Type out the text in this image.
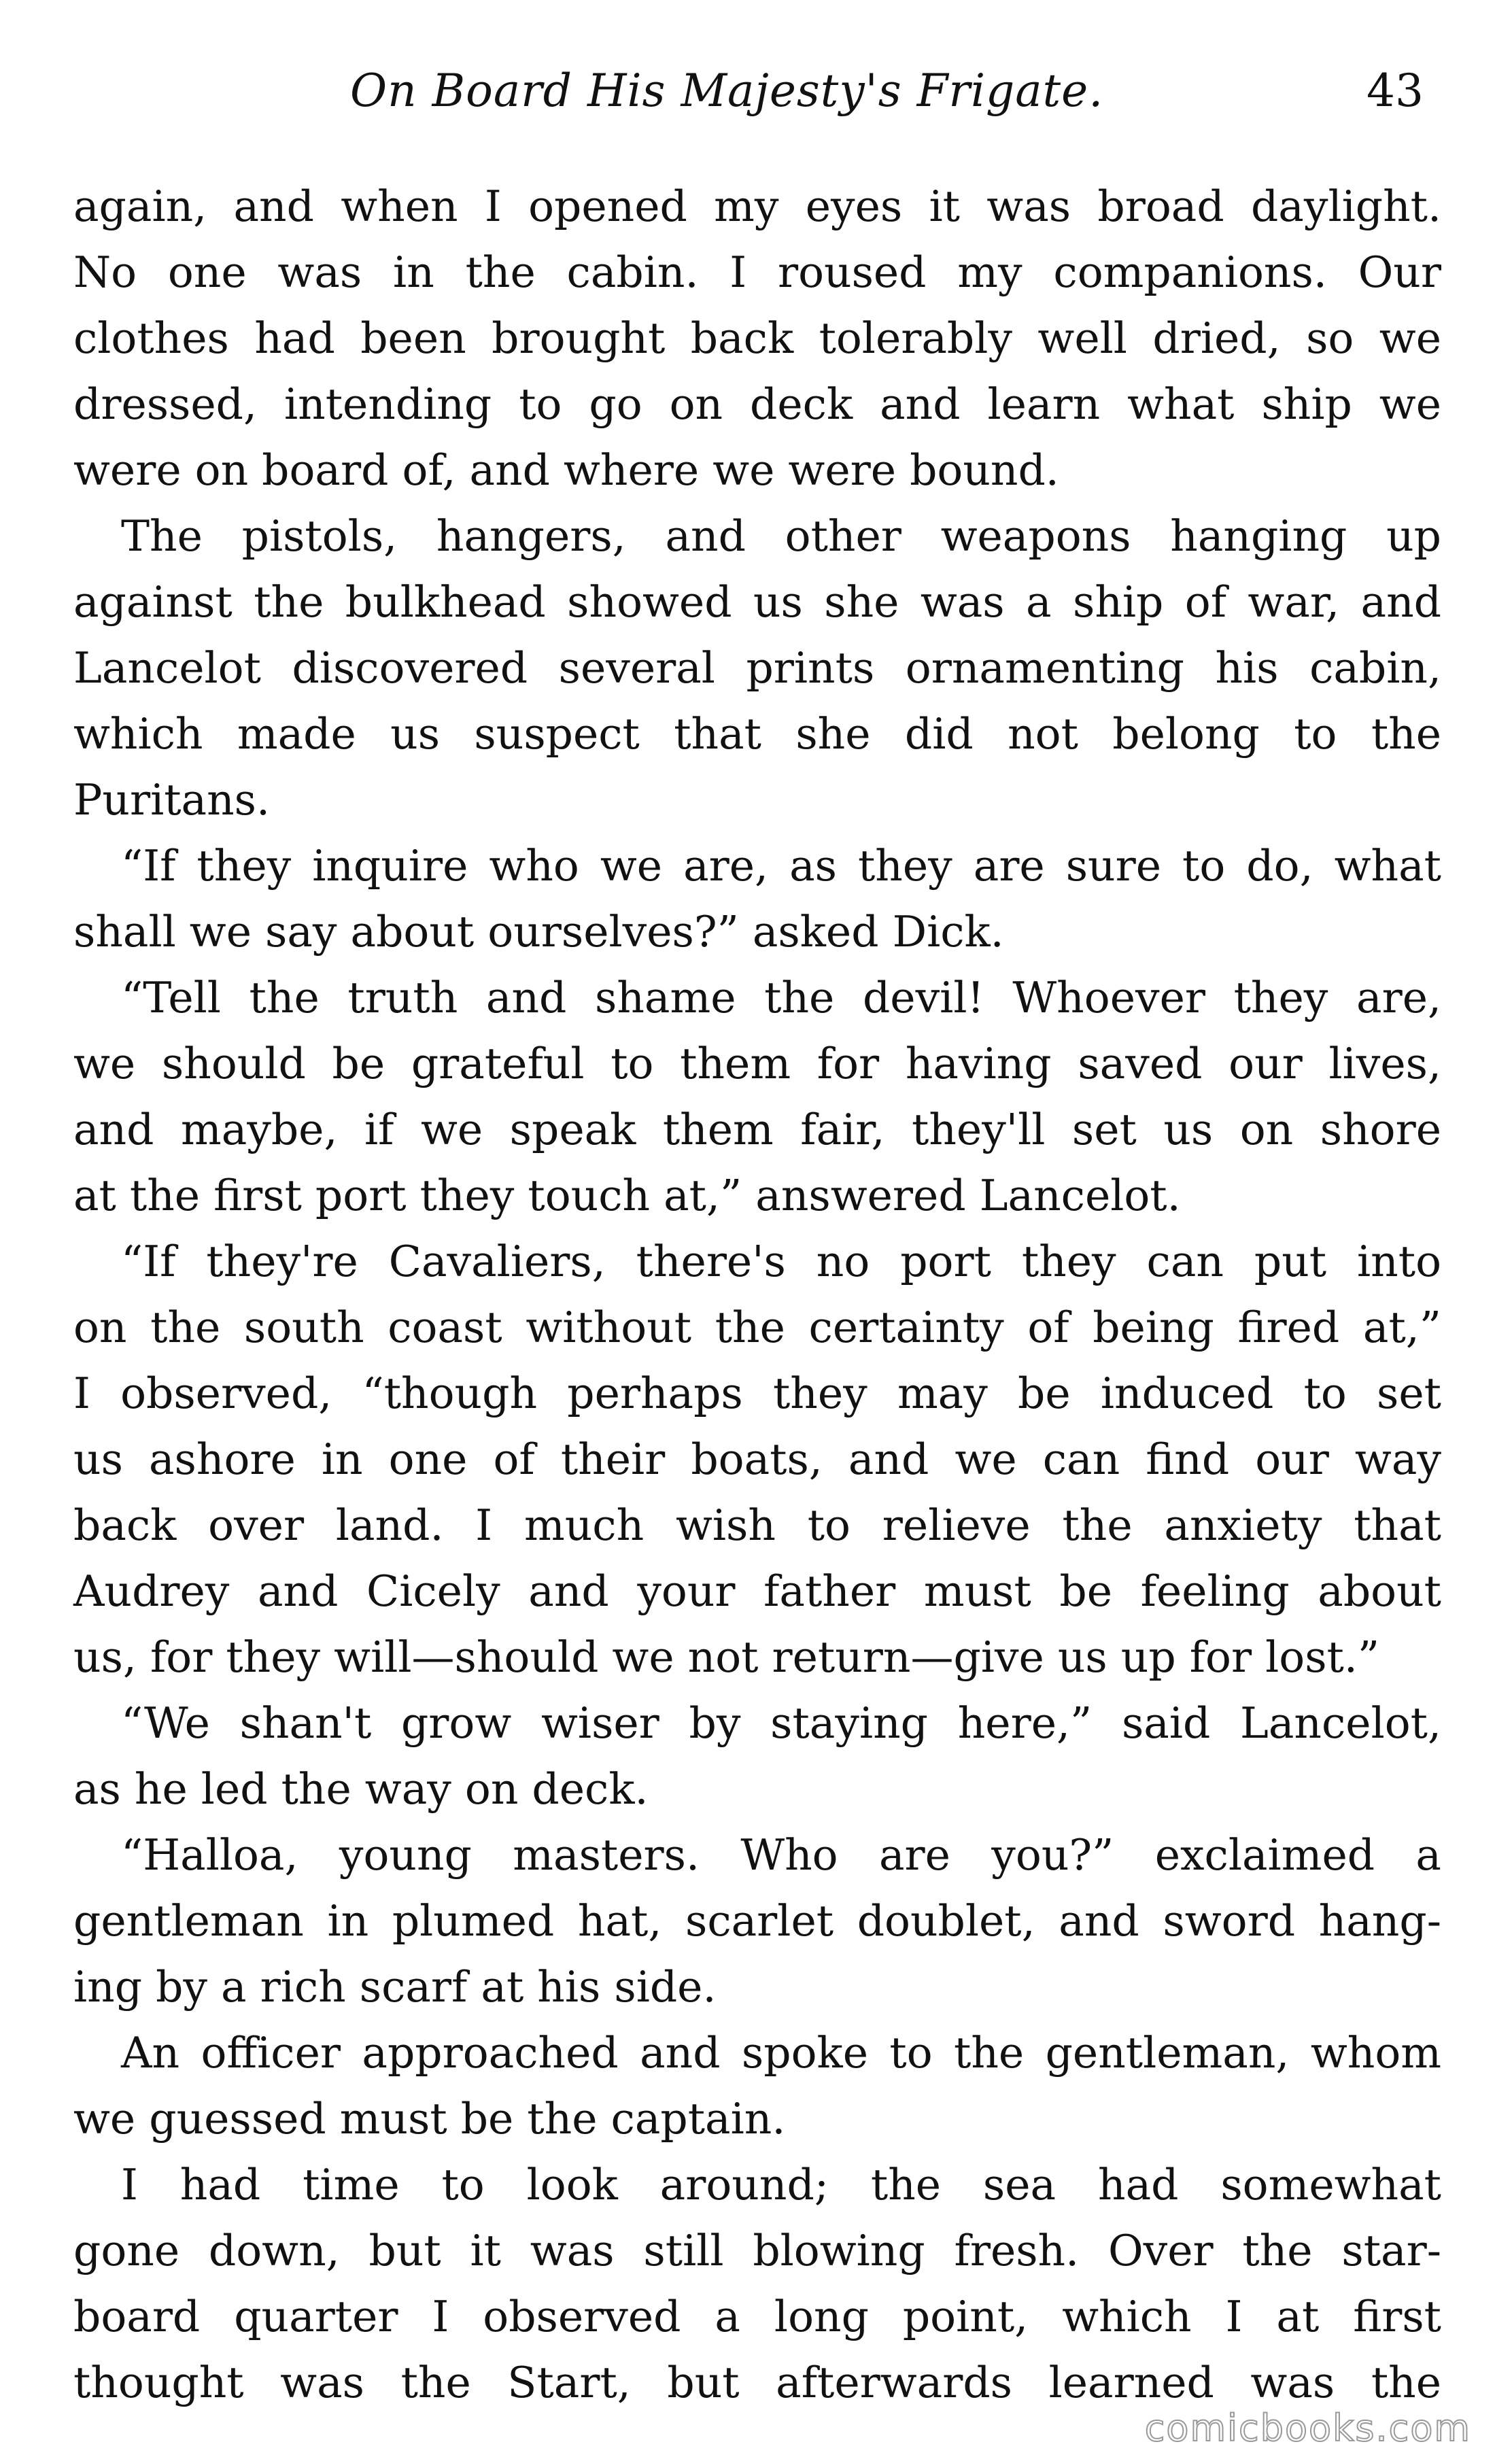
On Board His Majesty's Frigate.	43

again, and when I opened my eyes it was broad daylight.
No one was in the cabin. I roused my companions. Our
clothes had been brought back tolerably well dried, so we
dressed, intending to go on deck and learn what ship we
were on board of, and where we were bound.

The pistols, hangers, and other weapons hanging up
against the bulkhead showed us she was a ship of war, and
Lancelot discovered several prints ornamenting his cabin,
which made us suspect that she did not belong to the
Puritans.

“If they inquire who we are, as they are sure to do, what
shall we say about ourselves?” asked Dick.

“Tell the truth and shame the devil! Whoever they are,
we should be grateful to them for having saved our lives,
and maybe, if we speak them fair, they'll set us on shore
at the first port they touch at,” answered Lancelot.

“If they're Cavaliers, there's no port they can put into
on the south coast without the certainty of being fired at,”
I observed, “though perhaps they may be induced to set
us ashore in one of their boats, and we can find our way
back over land. I much wish to relieve the anxiety that
Audrey and Cicely and your father must be feeling about
us, for they will—should we not return—give us up for lost.”

“We shan't grow wiser by staying here,” said Lancelot,
as he led the way on deck.

“Halloa, young masters. Who are you?” exclaimed a
gentleman in plumed hat, scarlet doublet, and sword hang-
ing by a rich scarf at his side.

An officer approached and spoke to the gentleman, whom
we guessed must be the captain.

I had time to look around; the sea had somewhat
gone down, but it was still blowing fresh. Over the star-
board quarter I observed a long point, which I at first
thought was the Start, but afterwards learned was the

comicbooks.com
